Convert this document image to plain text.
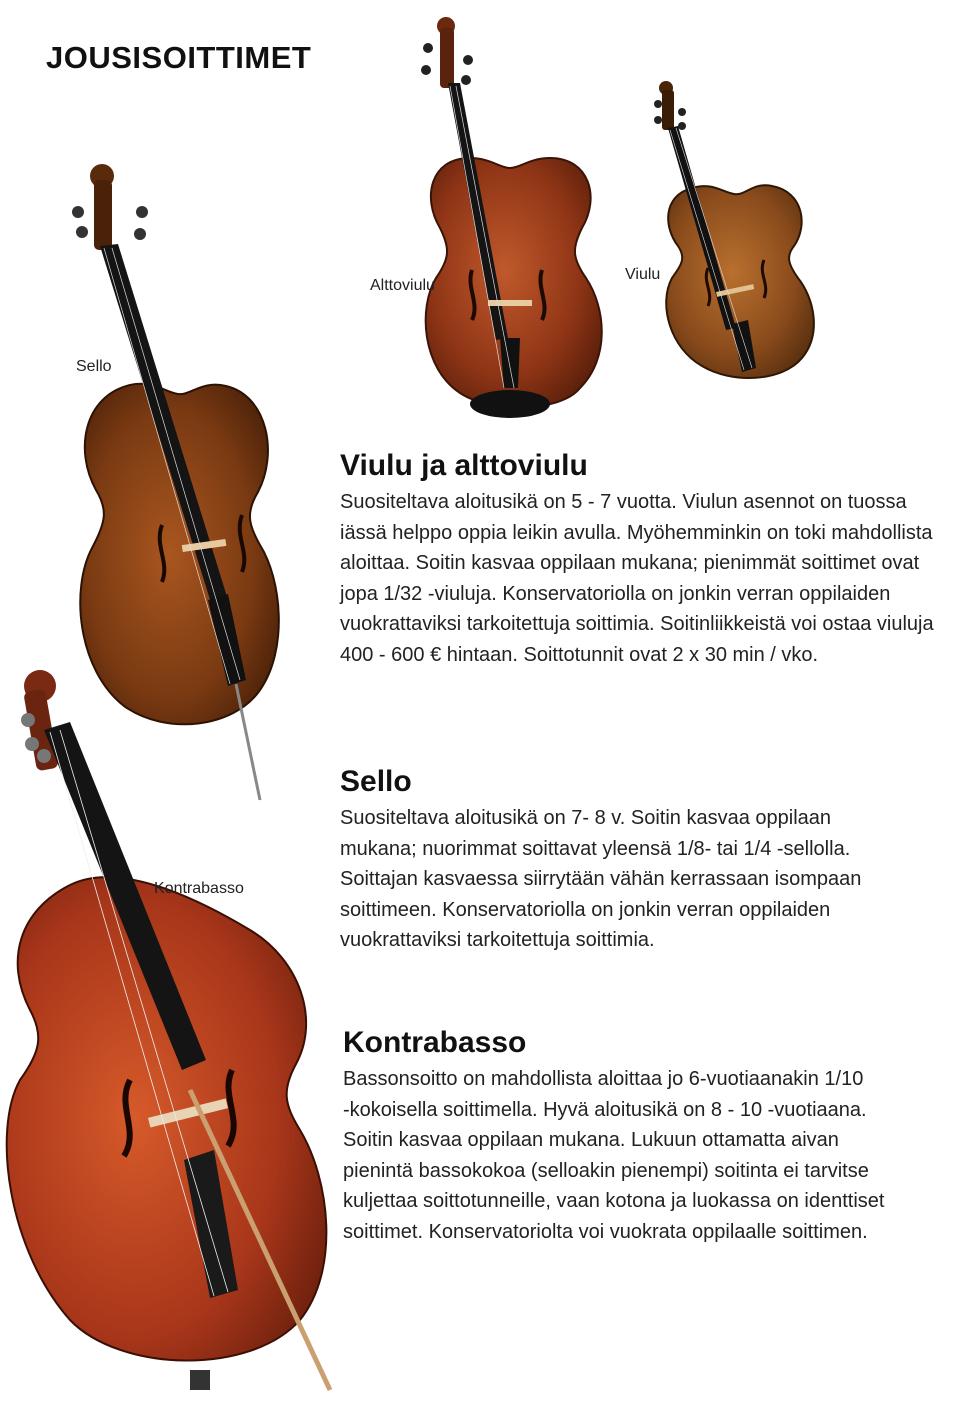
JOUSISOITTIMET
Alttoviulu
Viulu
Sello
Kontrabasso
Viulu ja alttoviulu
Suositeltava aloitusikä on 5 - 7 vuotta. Viulun asennot on tuossa
iässä helppo oppia leikin avulla. Myöhemminkin on toki mahdollista
aloittaa. Soitin kasvaa oppilaan mukana; pienimmät soittimet ovat
jopa 1/32 -viuluja. Konservatoriolla on jonkin verran oppilaiden
vuokrattaviksi tarkoitettuja soittimia. Soitinliikkeistä voi ostaa viuluja
400 - 600 € hintaan. Soittotunnit ovat 2 x 30 min / vko.
Sello
Suositeltava aloitusikä on 7- 8 v. Soitin kasvaa oppilaan
mukana; nuorimmat soittavat yleensä 1/8- tai 1/4 -sellolla.
Soittajan kasvaessa siirrytään vähän kerrassaan isompaan
soittimeen. Konservatoriolla on jonkin verran oppilaiden
vuokrattaviksi tarkoitettuja soittimia.
Kontrabasso
Bassonsoitto on mahdollista aloittaa jo 6-vuotiaanakin 1/10
-kokoisella soittimella. Hyvä aloitusikä on 8 - 10 -vuotiaana.
Soitin kasvaa oppilaan mukana. Lukuun ottamatta aivan
pienintä bassokokoa (selloakin pienempi) soitinta ei tarvitse
kuljettaa soittotunneille, vaan kotona ja luokassa on identtiset
soittimet. Konservatoriolta voi vuokrata oppilaalle soittimen.
